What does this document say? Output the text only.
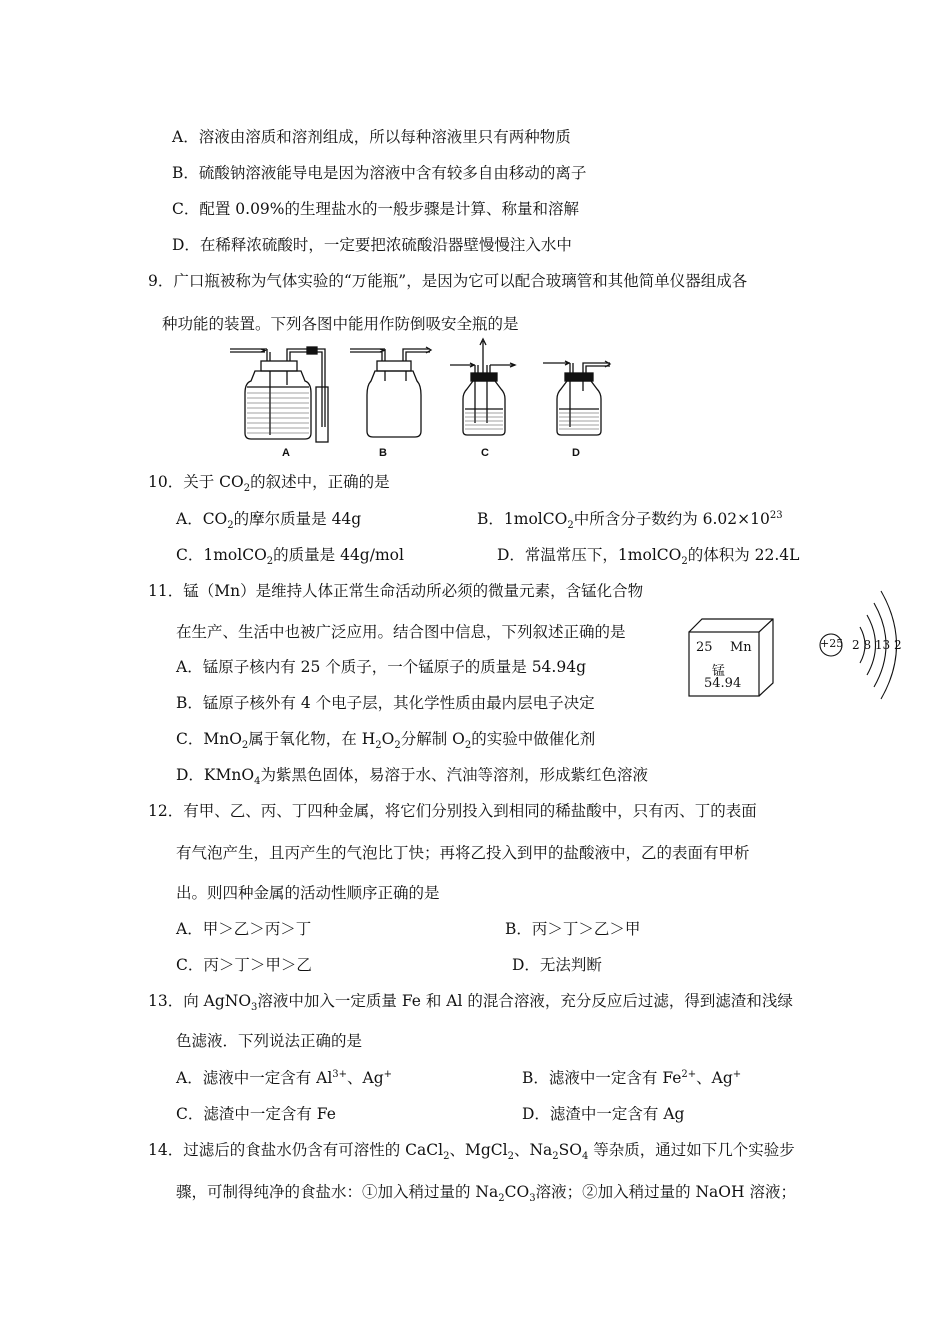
A．溶液由溶质和溶剂组成，所以每种溶液里只有两种物质
B．硫酸钠溶液能导电是因为溶液中含有较多自由移动的离子
C．配置 0.09%的生理盐水的一般步骤是计算、称量和溶解
D．在稀释浓硫酸时，一定要把浓硫酸沿器壁慢慢注入水中
9．广口瓶被称为气体实验的“万能瓶”，是因为它可以配合玻璃管和其他简单仪器组成各
种功能的装置。下列各图中能用作防倒吸安全瓶的是
A	B	C	D
10．关于 $CO_2$的叙述中，正确的是
A．$CO_2$的摩尔质量是 44g	B．1molCO$_2$中所含分子数约为 $6.02\times 10^{23}$
C．1molCO$_2$的质量是 44g/mol	D．常温常压下，1molCO$_2$的体积为 22.4L
11．锰（Mn）是维持人体正常生命活动所必须的微量元素，含锰化合物
在生产、生活中也被广泛应用。结合图中信息，下列叙述正确的是
A．锰原子核内有 25 个质子，一个锰原子的质量是 54.94g
B．锰原子核外有 4 个电子层，其化学性质由最内层电子决定
C．MnO$_2$属于氧化物，在 $H_2O_2$分解制 $O_2$的实验中做催化剂
D．KMnO$_4$为紫黑色固体，易溶于水、汽油等溶剂，形成紫红色溶液
25 Mn
锰
54.94
+25 2 8 13 2
12．有甲、乙、丙、丁四种金属，将它们分别投入到相同的稀盐酸中，只有丙、丁的表面
有气泡产生，且丙产生的气泡比丁快；再将乙投入到甲的盐酸液中，乙的表面有甲析
出。则四种金属的活动性顺序正确的是
A．甲＞乙＞丙＞丁	B．丙＞丁＞乙＞甲
C．丙＞丁＞甲＞乙	D．无法判断
13．向 AgNO$_3$溶液中加入一定质量 Fe 和 Al 的混合溶液，充分反应后过滤，得到滤渣和浅绿
色滤液．下列说法正确的是
A．滤液中一定含有 $Al^{3+}$、Ag+	B．滤液中一定含有 $Fe^{2+}$、Ag+
C．滤渣中一定含有 Fe	D．滤渣中一定含有 Ag
14．过滤后的食盐水仍含有可溶性的 CaCl$_2$、MgCl$_2$、$Na_2SO_4$ 等杂质，通过如下几个实验步
骤，可制得纯净的食盐水：①加入稍过量的 $Na_2CO_3$溶液；②加入稍过量的 NaOH 溶液；
